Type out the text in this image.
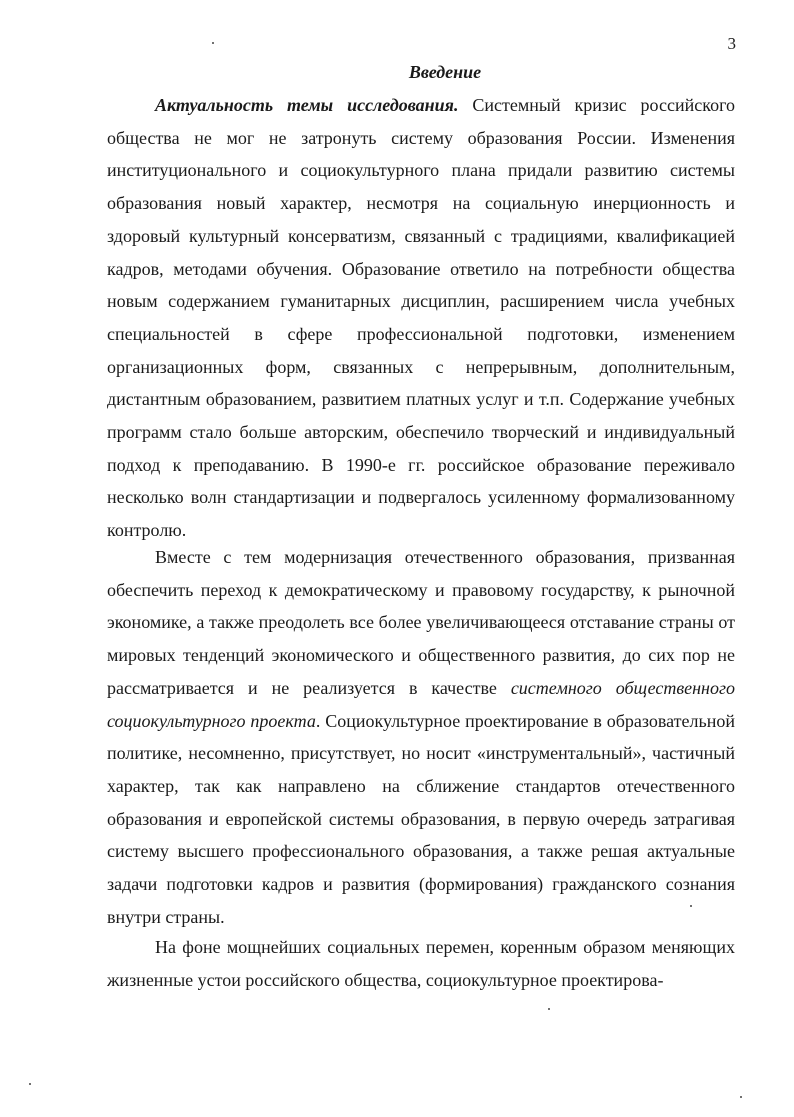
3
Введение

Актуальность темы исследования. Системный кризис российского общества не мог не затронуть систему образования России. Изменения институционального и социокультурного плана придали развитию системы образования новый характер, несмотря на социальную инерционность и здоровый культурный консерватизм, связанный с традициями, квалификацией кадров, методами обучения. Образование ответило на потребности общества новым содержанием гуманитарных дисциплин, расширением числа учебных специальностей в сфере профессиональной подготовки, изменением организационных форм, связанных с непрерывным, дополнительным, дистантным образованием, развитием платных услуг и т.п. Содержание учебных программ стало больше авторским, обеспечило творческий и индивидуальный подход к преподаванию. В 1990-е гг. российское образование переживало несколько волн стандартизации и подвергалось усиленному формализованному контролю.

Вместе с тем модернизация отечественного образования, призванная обеспечить переход к демократическому и правовому государству, к рыночной экономике, а также преодолеть все более увеличивающееся отставание страны от мировых тенденций экономического и общественного развития, до сих пор не рассматривается и не реализуется в качестве системного общественного социокультурного проекта. Социокультурное проектирование в образовательной политике, несомненно, присутствует, но носит «инструментальный», частичный характер, так как направлено на сближение стандартов отечественного образования и европейской системы образования, в первую очередь затрагивая систему высшего профессионального образования, а также решая актуальные задачи подготовки кадров и развития (формирования) гражданского сознания внутри страны.

На фоне мощнейших социальных перемен, коренным образом меняющих жизненные устои российского общества, социокультурное проектирова-
